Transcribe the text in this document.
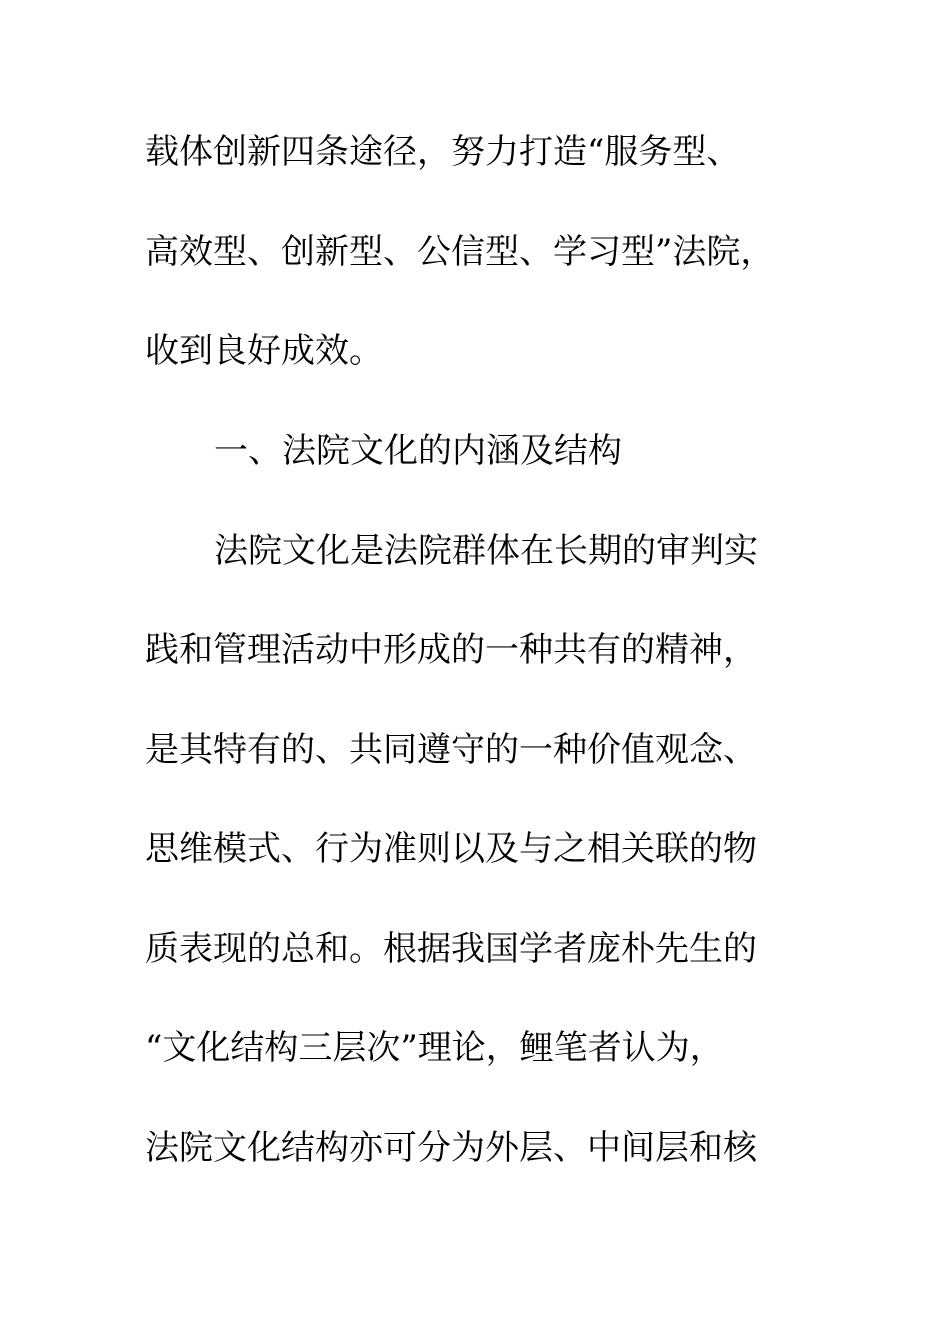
载体创新四条途径，努力打造“服务型、
高效型、创新型、公信型、学习型”法院，
收到良好成效。
一、法院文化的内涵及结构
法院文化是法院群体在长期的审判实
践和管理活动中形成的一种共有的精神，
是其特有的、共同遵守的一种价值观念、
思维模式、行为准则以及与之相关联的物
质表现的总和。根据我国学者庞朴先生的
“文化结构三层次”理论，鲤笔者认为，
法院文化结构亦可分为外层、中间层和核
